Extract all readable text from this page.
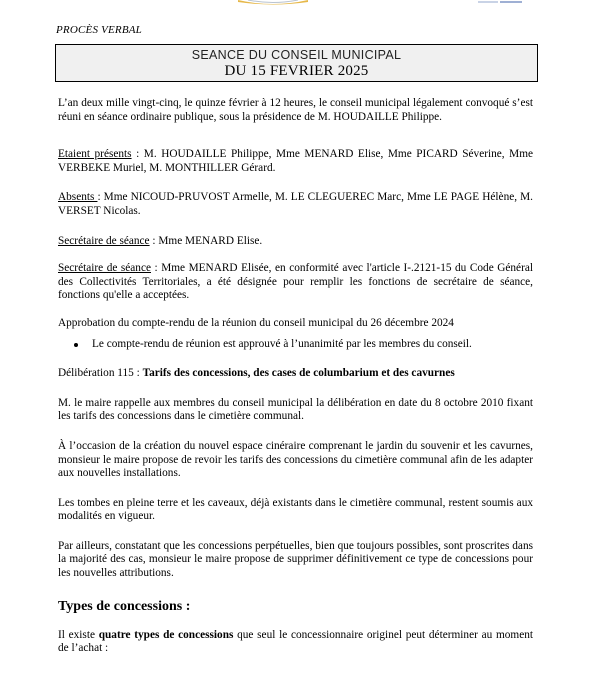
PROCÈS VERBAL
SEANCE DU CONSEIL MUNICIPAL
DU 15 FEVRIER 2025

L’an deux mille vingt-cinq, le quinze février à 12 heures, le conseil municipal légalement convoqué s’est réuni en séance ordinaire publique, sous la présidence de M. HOUDAILLE Philippe.

Etaient présents : M. HOUDAILLE Philippe, Mme MENARD Elise, Mme PICARD Séverine, Mme VERBEKE Muriel, M. MONTHILLER Gérard.

Absents : Mme NICOUD-PRUVOST Armelle, M. LE CLEGUEREC Marc, Mme LE PAGE Hélène, M. VERSET Nicolas.

Secrétaire de séance : Mme MENARD Elise.

Secrétaire de séance : Mme MENARD Elisée, en conformité avec l'article I-.2121-15 du Code Général des Collectivités Territoriales, a été désignée pour remplir les fonctions de secrétaire de séance, fonctions qu'elle a acceptées.

Approbation du compte-rendu de la réunion du conseil municipal du 26 décembre 2024

Le compte-rendu de réunion est approuvé à l’unanimité par les membres du conseil.

Délibération 115 : Tarifs des concessions, des cases de columbarium et des cavurnes

M. le maire rappelle aux membres du conseil municipal la délibération en date du 8 octobre 2010 fixant les tarifs des concessions dans le cimetière communal.

À l’occasion de la création du nouvel espace cinéraire comprenant le jardin du souvenir et les cavurnes, monsieur le maire propose de revoir les tarifs des concessions du cimetière communal afin de les adapter aux nouvelles installations.

Les tombes en pleine terre et les caveaux, déjà existants dans le cimetière communal, restent soumis aux modalités en vigueur.

Par ailleurs, constatant que les concessions perpétuelles, bien que toujours possibles, sont proscrites dans la majorité des cas, monsieur le maire propose de supprimer définitivement ce type de concessions pour les nouvelles attributions.

Types de concessions :

Il existe quatre types de concessions que seul le concessionnaire originel peut déterminer au moment de l’achat :
